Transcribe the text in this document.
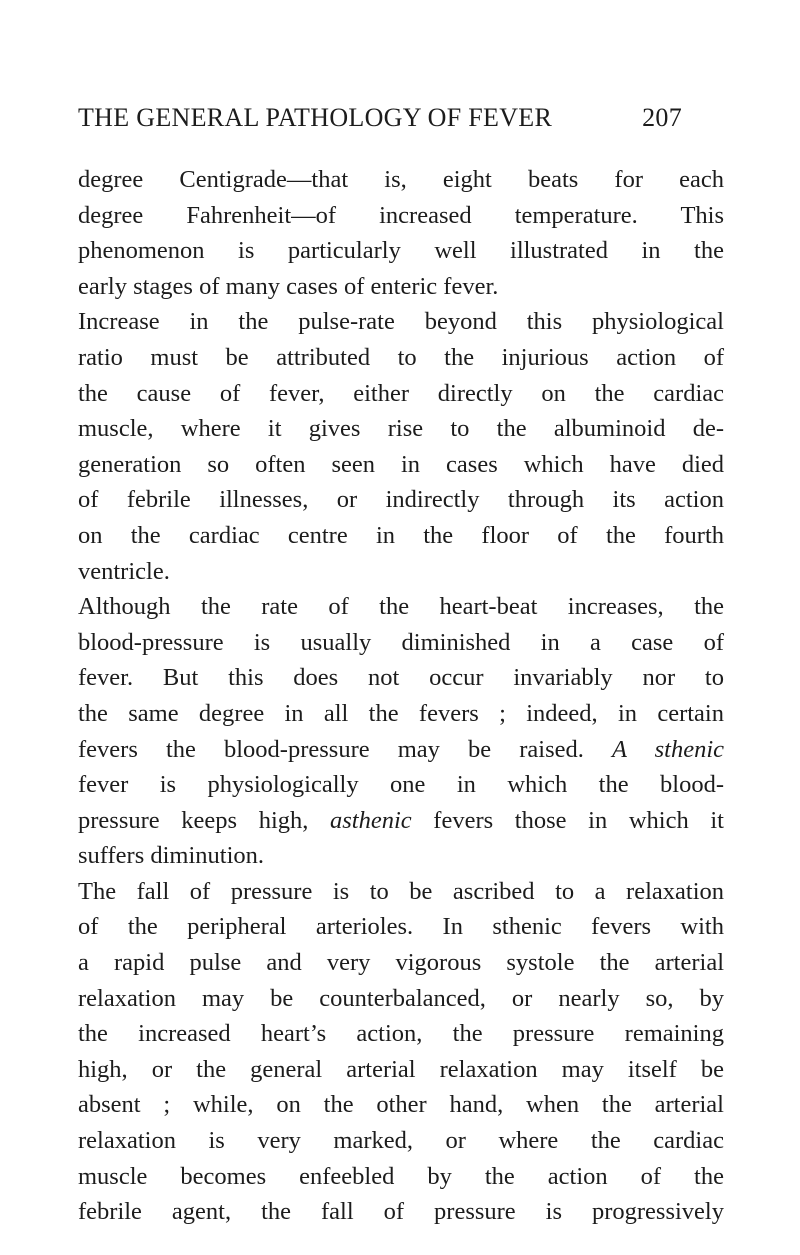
THE GENERAL PATHOLOGY OF FEVER	207
degree Centigrade—that is, eight beats for each
degree Fahrenheit—of increased temperature. This
phenomenon is particularly well illustrated in the
early stages of many cases of enteric fever.
Increase in the pulse-rate beyond this physiological
ratio must be attributed to the injurious action of
the cause of fever, either directly on the cardiac
muscle, where it gives rise to the albuminoid de-
generation so often seen in cases which have died
of febrile illnesses, or indirectly through its action
on the cardiac centre in the floor of the fourth
ventricle.
Although the rate of the heart-beat increases, the
blood-pressure is usually diminished in a case of
fever. But this does not occur invariably nor to
the same degree in all the fevers ; indeed, in certain
fevers the blood-pressure may be raised. A sthenic
fever is physiologically one in which the blood-
pressure keeps high, asthenic fevers those in which it
suffers diminution.
The fall of pressure is to be ascribed to a relaxation
of the peripheral arterioles. In sthenic fevers with
a rapid pulse and very vigorous systole the arterial
relaxation may be counterbalanced, or nearly so, by
the increased heart’s action, the pressure remaining
high, or the general arterial relaxation may itself be
absent ; while, on the other hand, when the arterial
relaxation is very marked, or where the cardiac
muscle becomes enfeebled by the action of the
febrile agent, the fall of pressure is progressively
